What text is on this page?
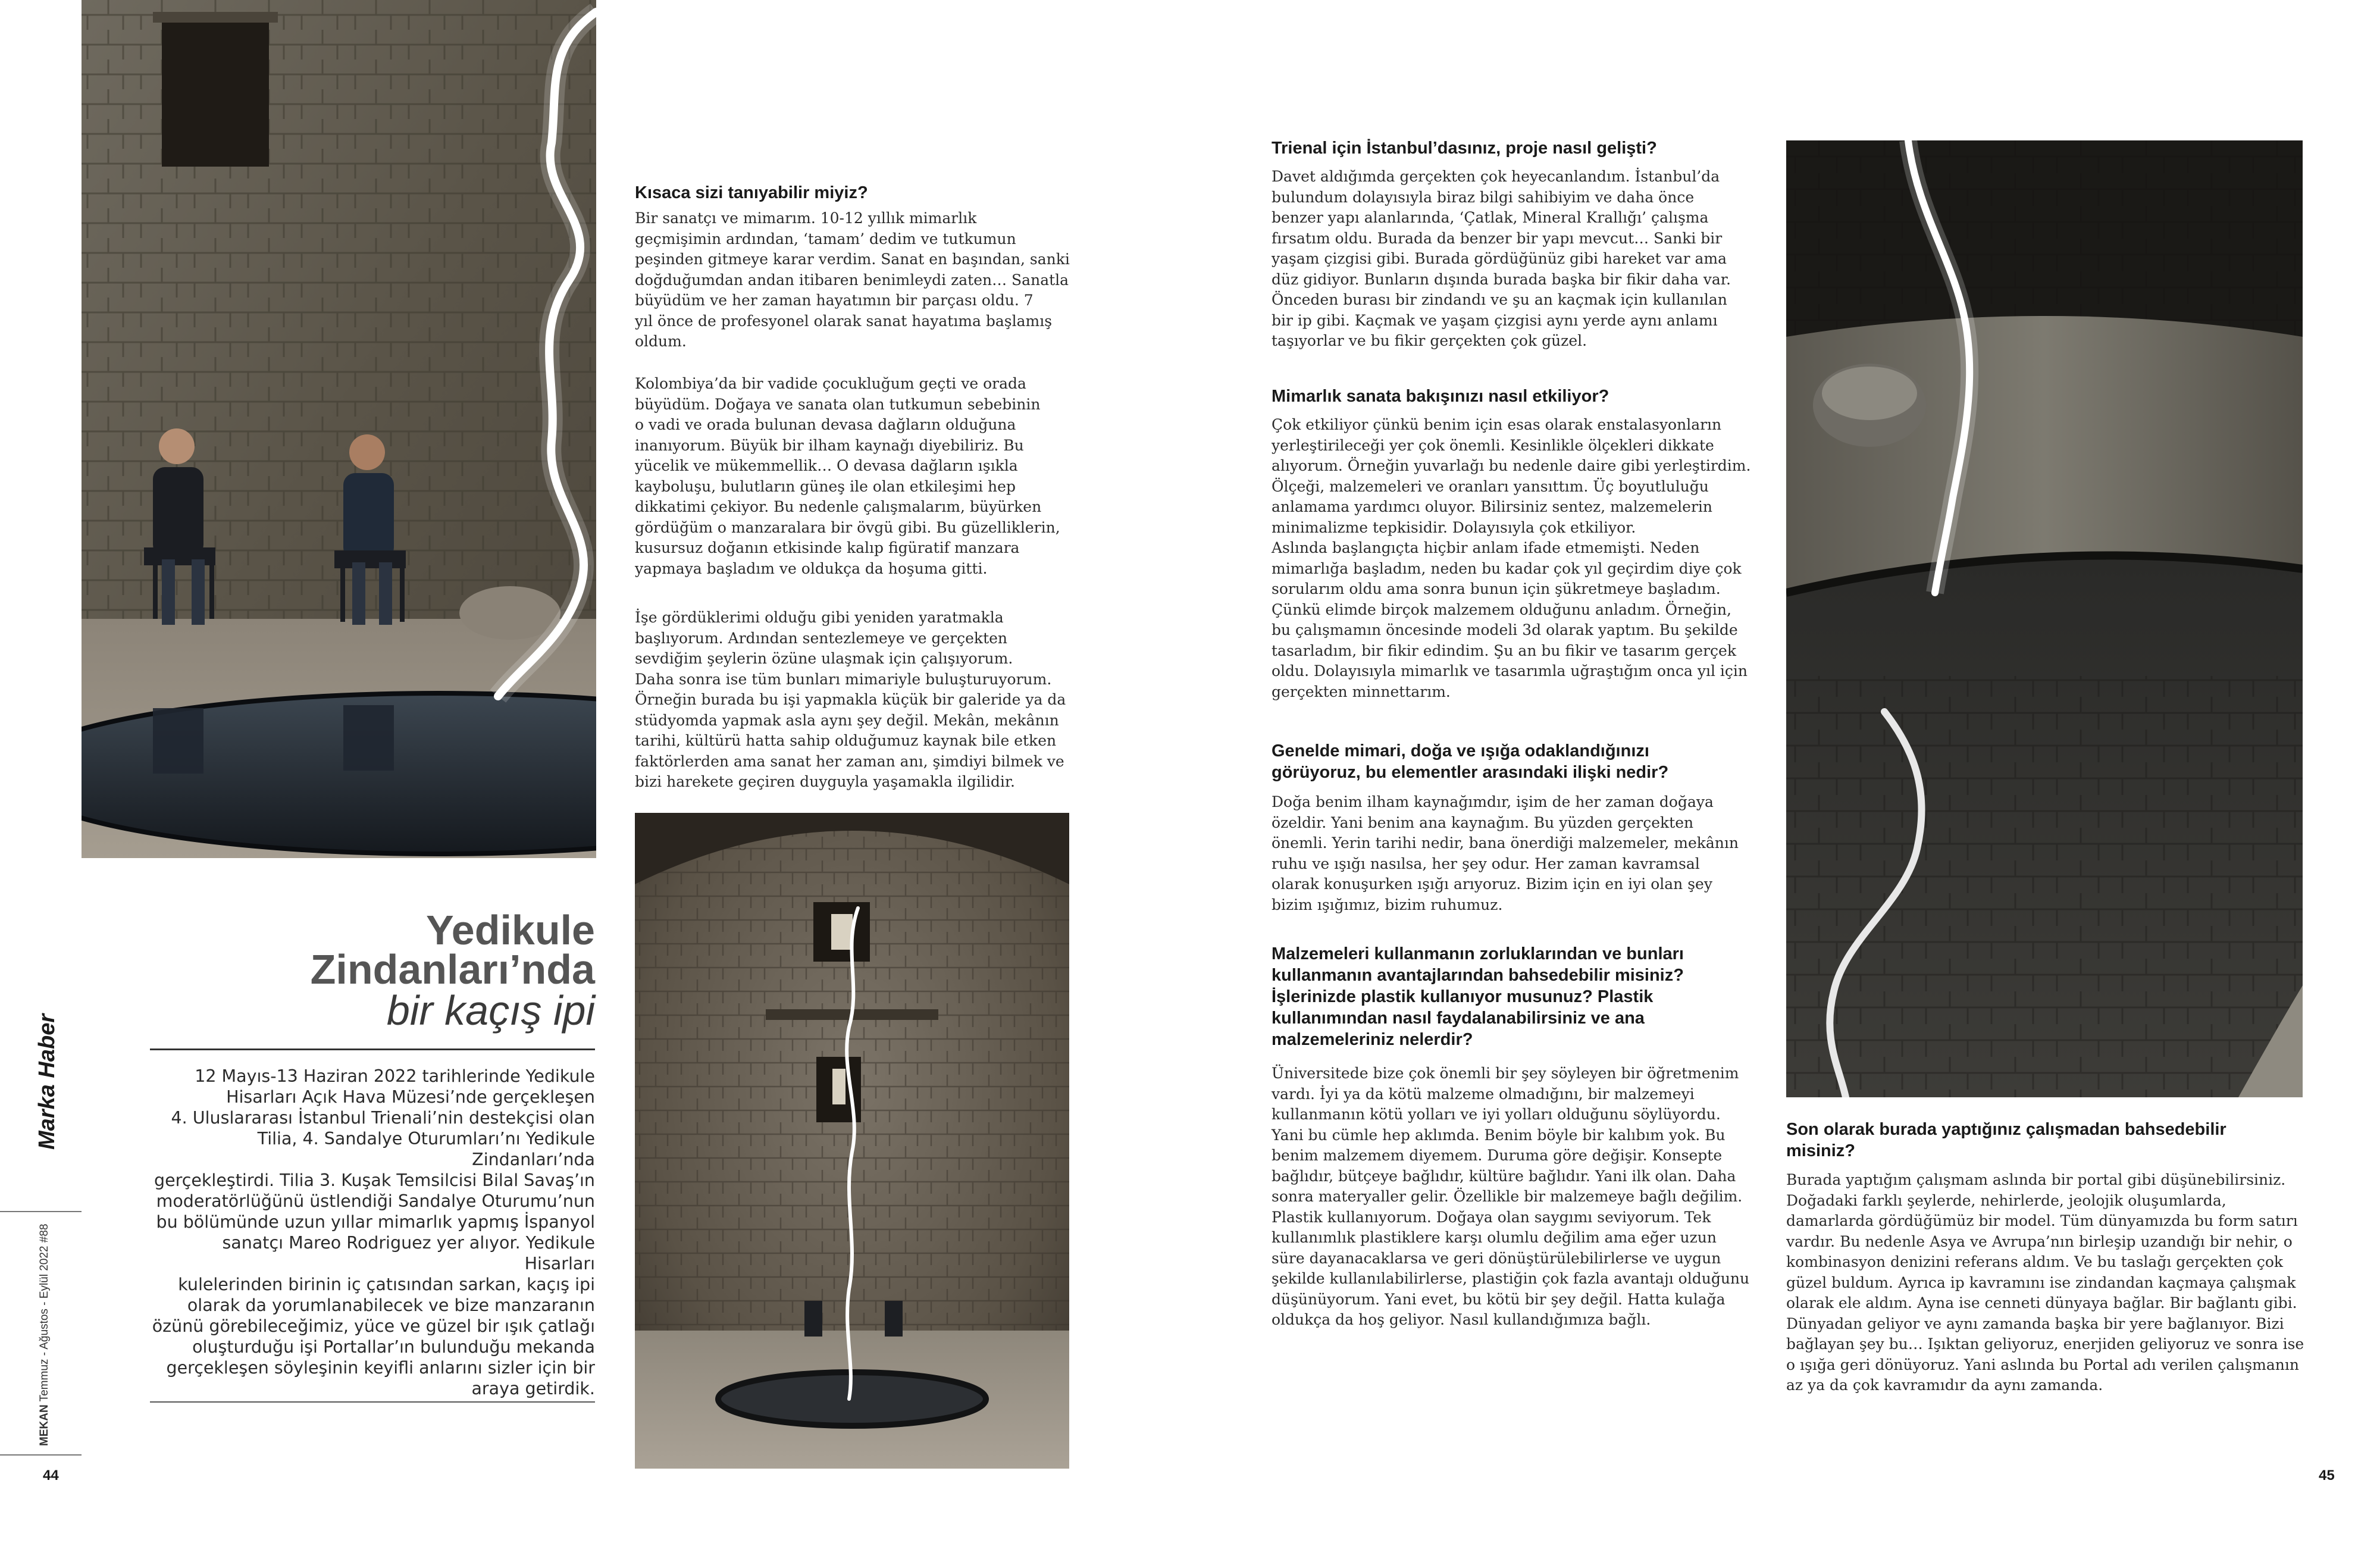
Yedikule
Zindanları’nda
bir kaçış ipi
12 Mayıs-13 Haziran 2022 tarihlerinde Yedikule
Hisarları Açık Hava Müzesi’nde gerçekleşen
4. Uluslararası İstanbul Trienali’nin destekçisi olan
Tilia, 4. Sandalye Oturumları’nı Yedikule Zindanları’nda
gerçekleştirdi. Tilia 3. Kuşak Temsilcisi Bilal Savaş’ın
moderatörlüğünü üstlendiği Sandalye Oturumu’nun
bu bölümünde uzun yıllar mimarlık yapmış İspanyol
sanatçı Mareo Rodriguez yer alıyor. Yedikule Hisarları
kulelerinden birinin iç çatısından sarkan, kaçış ipi
olarak da yorumlanabilecek ve bize manzaranın
özünü görebileceğimiz, yüce ve güzel bir ışık çatlağı
oluşturduğu işi Portallar’ın bulunduğu mekanda
gerçekleşen söyleşinin keyifli anlarını sizler için bir
araya getirdik.
Marka Haber
MEKAN Temmuz - Ağustos - Eylül 2022 #88
44
Kısaca sizi tanıyabilir miyiz?
Bir sanatçı ve mimarım. 10-12 yıllık mimarlık
geçmişimin ardından, ‘tamam’ dedim ve tutkumun
peşinden gitmeye karar verdim. Sanat en başından, sanki
doğduğumdan andan itibaren benimleydi zaten… Sanatla
büyüdüm ve her zaman hayatımın bir parçası oldu. 7
yıl önce de profesyonel olarak sanat hayatıma başlamış
oldum.
Kolombiya’da bir vadide çocukluğum geçti ve orada
büyüdüm. Doğaya ve sanata olan tutkumun sebebinin
o vadi ve orada bulunan devasa dağların olduğuna
inanıyorum. Büyük bir ilham kaynağı diyebiliriz. Bu
yücelik ve mükemmellik… O devasa dağların ışıkla
kayboluşu, bulutların güneş ile olan etkileşimi hep
dikkatimi çekiyor. Bu nedenle çalışmalarım, büyürken
gördüğüm o manzaralara bir övgü gibi. Bu güzelliklerin,
kusursuz doğanın etkisinde kalıp figüratif manzara
yapmaya başladım ve oldukça da hoşuma gitti.
İşe gördüklerimi olduğu gibi yeniden yaratmakla
başlıyorum. Ardından sentezlemeye ve gerçekten
sevdiğim şeylerin özüne ulaşmak için çalışıyorum.
Daha sonra ise tüm bunları mimariyle buluşturuyorum.
Örneğin burada bu işi yapmakla küçük bir galeride ya da
stüdyomda yapmak asla aynı şey değil. Mekân, mekânın
tarihi, kültürü hatta sahip olduğumuz kaynak bile etken
faktörlerden ama sanat her zaman anı, şimdiyi bilmek ve
bizi harekete geçiren duyguyla yaşamakla ilgilidir.
Trienal için İstanbul’dasınız, proje nasıl gelişti?
Davet aldığımda gerçekten çok heyecanlandım. İstanbul’da
bulundum dolayısıyla biraz bilgi sahibiyim ve daha önce
benzer yapı alanlarında, ‘Çatlak, Mineral Krallığı’ çalışma
fırsatım oldu. Burada da benzer bir yapı mevcut… Sanki bir
yaşam çizgisi gibi. Burada gördüğünüz gibi hareket var ama
düz gidiyor. Bunların dışında burada başka bir fikir daha var.
Önceden burası bir zindandı ve şu an kaçmak için kullanılan
bir ip gibi. Kaçmak ve yaşam çizgisi aynı yerde aynı anlamı
taşıyorlar ve bu fikir gerçekten çok güzel.
Mimarlık sanata bakışınızı nasıl etkiliyor?
Çok etkiliyor çünkü benim için esas olarak enstalasyonların
yerleştirileceği yer çok önemli. Kesinlikle ölçekleri dikkate
alıyorum. Örneğin yuvarlağı bu nedenle daire gibi yerleştirdim.
Ölçeği, malzemeleri ve oranları yansıttım. Üç boyutluluğu
anlamama yardımcı oluyor. Bilirsiniz sentez, malzemelerin
minimalizme tepkisidir. Dolayısıyla çok etkiliyor.
Aslında başlangıçta hiçbir anlam ifade etmemişti. Neden
mimarlığa başladım, neden bu kadar çok yıl geçirdim diye çok
sorularım oldu ama sonra bunun için şükretmeye başladım.
Çünkü elimde birçok malzemem olduğunu anladım. Örneğin,
bu çalışmamın öncesinde modeli 3d olarak yaptım. Bu şekilde
tasarladım, bir fikir edindim. Şu an bu fikir ve tasarım gerçek
oldu. Dolayısıyla mimarlık ve tasarımla uğraştığım onca yıl için
gerçekten minnettarım.
Genelde mimari, doğa ve ışığa odaklandığınızı
görüyoruz, bu elementler arasındaki ilişki nedir?
Doğa benim ilham kaynağımdır, işim de her zaman doğaya
özeldir. Yani benim ana kaynağım. Bu yüzden gerçekten
önemli. Yerin tarihi nedir, bana önerdiği malzemeler, mekânın
ruhu ve ışığı nasılsa, her şey odur. Her zaman kavramsal
olarak konuşurken ışığı arıyoruz. Bizim için en iyi olan şey
bizim ışığımız, bizim ruhumuz.
Malzemeleri kullanmanın zorluklarından ve bunları
kullanmanın avantajlarından bahsedebilir misiniz?
İşlerinizde plastik kullanıyor musunuz? Plastik
kullanımından nasıl faydalanabilirsiniz ve ana
malzemeleriniz nelerdir?
Üniversitede bize çok önemli bir şey söyleyen bir öğretmenim
vardı. İyi ya da kötü malzeme olmadığını, bir malzemeyi
kullanmanın kötü yolları ve iyi yolları olduğunu söylüyordu.
Yani bu cümle hep aklımda. Benim böyle bir kalıbım yok. Bu
benim malzemem diyemem. Duruma göre değişir. Konsepte
bağlıdır, bütçeye bağlıdır, kültüre bağlıdır. Yani ilk olan. Daha
sonra materyaller gelir. Özellikle bir malzemeye bağlı değilim.
Plastik kullanıyorum. Doğaya olan saygımı seviyorum. Tek
kullanımlık plastiklere karşı olumlu değilim ama eğer uzun
süre dayanacaklarsa ve geri dönüştürülebilirlerse ve uygun
şekilde kullanılabilirlerse, plastiğin çok fazla avantajı olduğunu
düşünüyorum. Yani evet, bu kötü bir şey değil. Hatta kulağa
oldukça da hoş geliyor. Nasıl kullandığımıza bağlı.
Son olarak burada yaptığınız çalışmadan bahsedebilir
misiniz?
Burada yaptığım çalışmam aslında bir portal gibi düşünebilirsiniz.
Doğadaki farklı şeylerde, nehirlerde, jeolojik oluşumlarda,
damarlarda gördüğümüz bir model. Tüm dünyamızda bu form satırı
vardır. Bu nedenle Asya ve Avrupa’nın birleşip uzandığı bir nehir, o
kombinasyon denizini referans aldım. Ve bu taslağı gerçekten çok
güzel buldum. Ayrıca ip kavramını ise zindandan kaçmaya çalışmak
olarak ele aldım. Ayna ise cenneti dünyaya bağlar. Bir bağlantı gibi.
Dünyadan geliyor ve aynı zamanda başka bir yere bağlanıyor. Bizi
bağlayan şey bu… Işıktan geliyoruz, enerjiden geliyoruz ve sonra ise
o ışığa geri dönüyoruz. Yani aslında bu Portal adı verilen çalışmanın
az ya da çok kavramıdır da aynı zamanda.
45
